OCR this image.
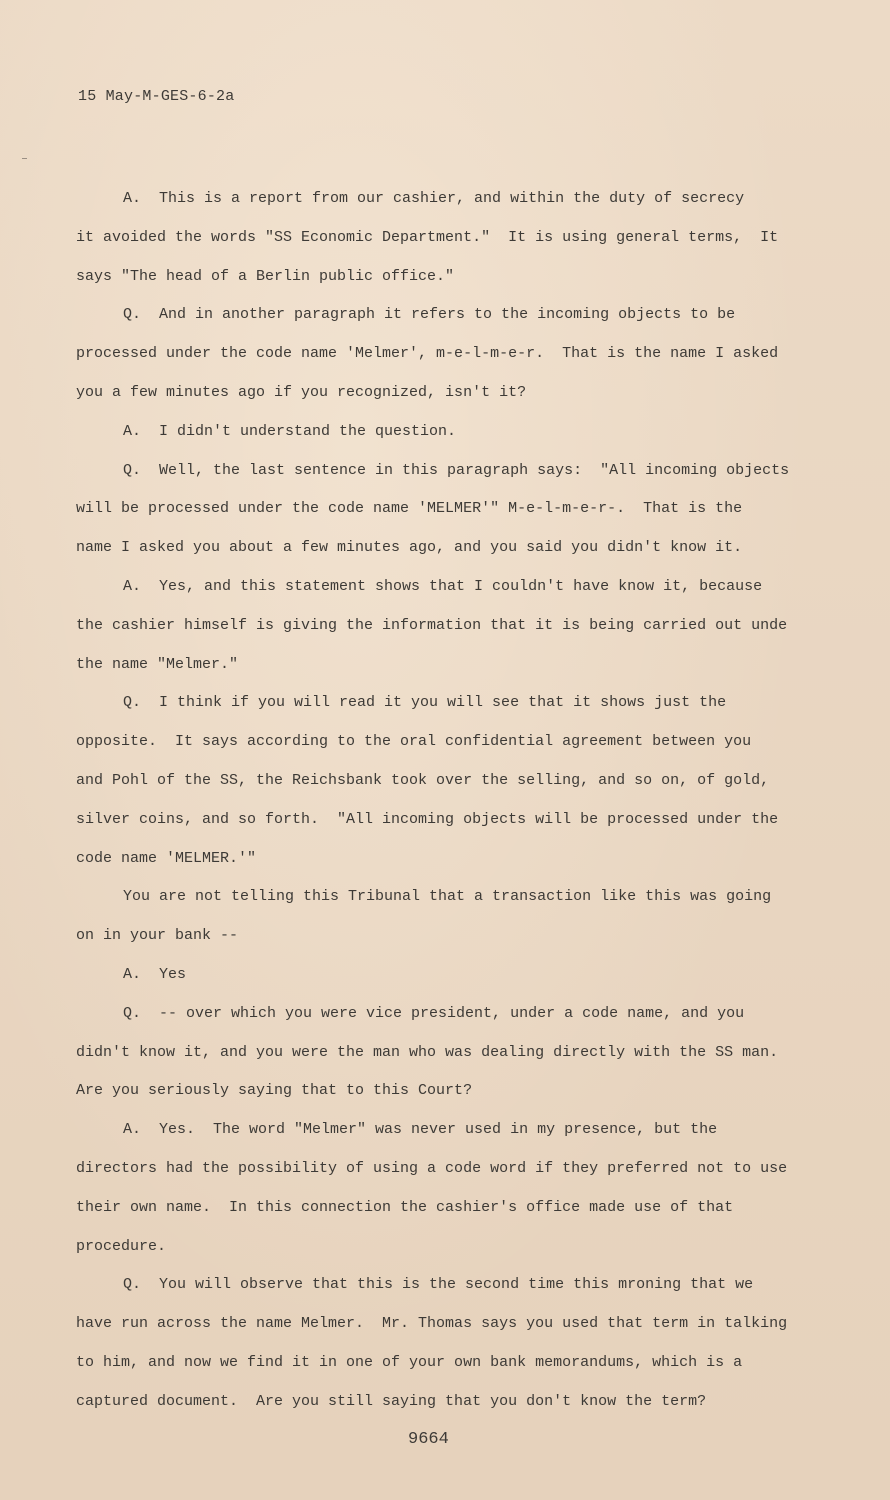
15 May-M-GES-6-2a
A.  This is a report from our cashier, and within the duty of secrecy
it avoided the words "SS Economic Department."  It is using general terms,  It
says "The head of a Berlin public office."
Q.  And in another paragraph it refers to the incoming objects to be
processed under the code name 'Melmer', m-e-l-m-e-r.  That is the name I asked
you a few minutes ago if you recognized, isn't it?
A.  I didn't understand the question.
Q.  Well, the last sentence in this paragraph says:  "All incoming objects
will be processed under the code name 'MELMER'" M-e-l-m-e-r-.  That is the
name I asked you about a few minutes ago, and you said you didn't know it.
A.  Yes, and this statement shows that I couldn't have know it, because
the cashier himself is giving the information that it is being carried out unde
the name "Melmer."
Q.  I think if you will read it you will see that it shows just the
opposite.  It says according to the oral confidential agreement between you
and Pohl of the SS, the Reichsbank took over the selling, and so on, of gold,
silver coins, and so forth.  "All incoming objects will be processed under the
code name 'MELMER.'"
You are not telling this Tribunal that a transaction like this was going
on in your bank --
A.  Yes
Q.  -- over which you were vice president, under a code name, and you
didn't know it, and you were the man who was dealing directly with the SS man.
Are you seriously saying that to this Court?
A.  Yes.  The word "Melmer" was never used in my presence, but the
directors had the possibility of using a code word if they preferred not to use
their own name.  In this connection the cashier's office made use of that
procedure.
Q.  You will observe that this is the second time this mroning that we
have run across the name Melmer.  Mr. Thomas says you used that term in talking
to him, and now we find it in one of your own bank memorandums, which is a
captured document.  Are you still saying that you don't know the term?
9664
